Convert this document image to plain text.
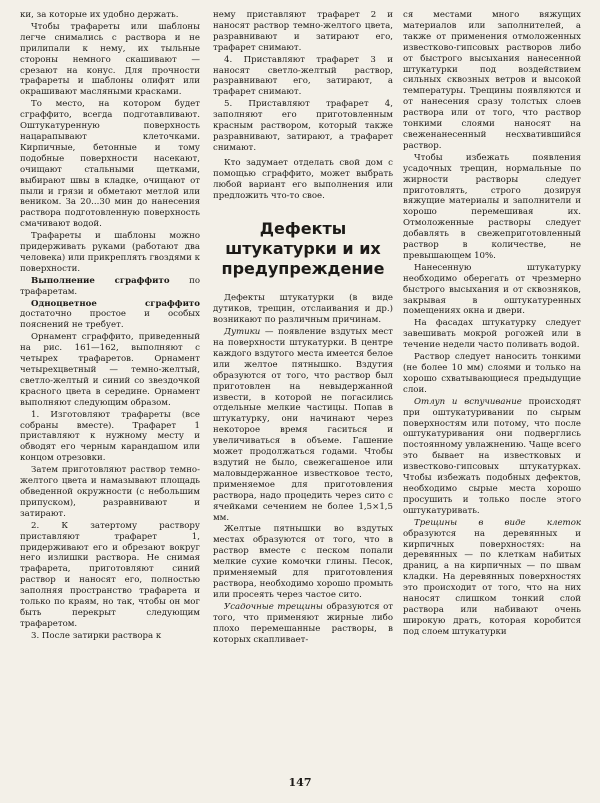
ки, за которые их удобно держать.

Чтобы трафареты или шаблоны легче снимались с раствора и не прилипали к нему, их тыльные стороны немного скашивают — срезают на конус. Для прочности трафареты и шаблоны олифят или окрашивают масляными красками.

То место, на котором будет сграффито, всегда подготавливают. Оштукатуренную поверхность нацарапывают клеточками. Кирпичные, бетонные и тому подобные поверхности насекают, очищают стальными щетками, выбирают швы в кладке, очищают от пыли и грязи и обметают метлой или веником. За 20...30 мин до нанесения раствора подготовленную поверхность смачивают водой.

Трафареты и шаблоны можно придерживать руками (работают два человека) или прикреплять гвоздями к поверхности.

Выполнение сграффито по трафаретам.

Одноцветное сграффито достаточно простое и особых пояснений не требует.

Орнамент сграффито, приведенный на рис. 161—162, выполняют с четырех трафаретов. Орнамент четырехцветный — темно-желтый, светло-желтый и синий со звездочкой красного цвета в середине. Орнамент выполняют следующим образом.

1. Изготовляют трафареты (все собраны вместе). Трафарет 1 приставляют к нужному месту и обводят его черным карандашом или концом отрезовки.

Затем приготовляют раствор темно-желтого цвета и намазывают площадь обведенной окружности (с небольшим припуском), разравнивают и затирают.

2. К затертому раствору приставляют трафарет 1, придерживают его и обрезают вокруг него излишки раствора. Не снимая трафарета, приготовляют синий раствор и наносят его, полностью заполняя пространство трафарета и только по краям, но так, чтобы он мог быть перекрыт следующим трафаретом.

3. После затирки раствора к

нему приставляют трафарет 2 и наносят раствор темно-желтого цвета, разравнивают и затирают его, трафарет снимают.

4. Приставляют трафарет 3 и наносят светло-желтый раствор, разравнивают его, затирают, а трафарет снимают.

5. Приставляют трафарет 4, заполняют его приготовленным красным раствором, который также разравнивают, затирают, а трафарет снимают.

Кто задумает отделать свой дом с помощью сграффито, может выбрать любой вариант его выполнения или предложить что-то свое.

Дефекты штукатурки и их предупреждение

Дефекты штукатурки (в виде дутиков, трещин, отслаивания и др.) возникают по различным причинам.

Дутики — появление вздутых мест на поверхности штукатурки. В центре каждого вздутого места имеется белое или желтое пятнышко. Вздутия образуются от того, что раствор был приготовлен на невыдержанной извести, в которой не погасились отдельные мелкие частицы. Попав в штукатурку, они начинают через некоторое время гаситься и увеличиваться в объеме. Гашение может продолжаться годами. Чтобы вздутий не было, свежегашеное или маловыдержанное известковое тесто, применяемое для приготовления раствора, надо процедить через сито с ячейками сечением не более 1,5×1,5 мм.

Желтые пятнышки во вздутых местах образуются от того, что в раствор вместе с песком попали мелкие сухие комочки глины. Песок, применяемый для приготовления раствора, необходимо хорошо промыть или просеять через частое сито.

Усадочные трещины образуются от того, что применяют жирные либо плохо перемешанные растворы, в которых скапливает-

ся местами много вяжущих материалов или заполнителей, а также от применения отмоложенных известково-гипсовых растворов либо от быстрого высыхания нанесенной штукатурки под воздействием сильных сквозных ветров и высокой температуры. Трещины появляются и от нанесения сразу толстых слоев раствора или от того, что раствор тонкими слоями наносят на свеженанесенный несхватившийся раствор.

Чтобы избежать появления усадочных трещин, нормальные по жирности растворы следует приготовлять, строго дозируя вяжущие материалы и заполнители и хорошо перемешивая их. Отмоложенные растворы следует добавлять в свежеприготовленный раствор в количестве, не превышающем 10%.

Нанесенную штукатурку необходимо оберегать от чрезмерно быстрого высыхания и от сквозняков, закрывая в оштукатуренных помещениях окна и двери.

На фасадах штукатурку следует завешивать мокрой рогожей или в течение недели часто поливать водой.

Раствор следует наносить тонкими (не более 10 мм) слоями и только на хорошо схватывающиеся предыдущие слои.

Отлуп и вспучивание происходят при оштукатуривании по сырым поверхностям или потому, что после оштукатуривания они подверглись постоянному увлажнению. Чаще всего это бывает на известковых и известково-гипсовых штукатурках. Чтобы избежать подобных дефектов, необходимо сырые места хорошо просушить и только после этого оштукатуривать.

Трещины в виде клеток образуются на деревянных и кирпичных поверхностях: на деревянных — по клеткам набитых драниц, а на кирпичных — по швам кладки. На деревянных поверхностях это происходит от того, что на них наносят слишком тонкий слой раствора или набивают очень широкую драть, которая коробится под слоем штукатурки

147
